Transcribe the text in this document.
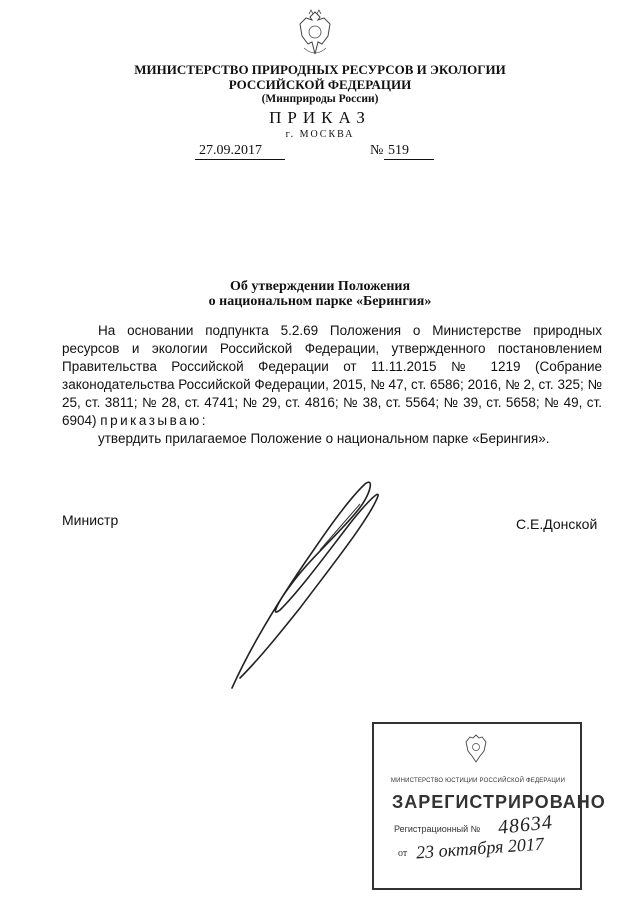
МИНИСТЕРСТВО ПРИРОДНЫХ РЕСУРСОВ И ЭКОЛОГИИ
РОССИЙСКОЙ ФЕДЕРАЦИИ
(Минприроды России)
ПРИКАЗ
г. МОСКВА
27.09.2017	№ 519
Об утверждении Положения
о национальном парке «Берингия»

На основании подпункта 5.2.69 Положения о Министерстве природных ресурсов и экологии Российской Федерации, утвержденного постановлением Правительства Российской Федерации от 11.11.2015 № 1219 (Собрание законодательства Российской Федерации, 2015, № 47, ст. 6586; 2016, № 2, ст. 325; № 25, ст. 3811; № 28, ст. 4741; № 29, ст. 4816; № 38, ст. 5564; № 39, ст. 5658; № 49, ст. 6904) приказываю:

утвердить прилагаемое Положение о национальном парке «Берингия».

Министр	С.Е.Донской
МИНИСТЕРСТВО ЮСТИЦИИ РОССИЙСКОЙ ФЕДЕРАЦИИ
ЗАРЕГИСТРИРОВАНО
Регистрационный № 48634
от 23 октября 2017
